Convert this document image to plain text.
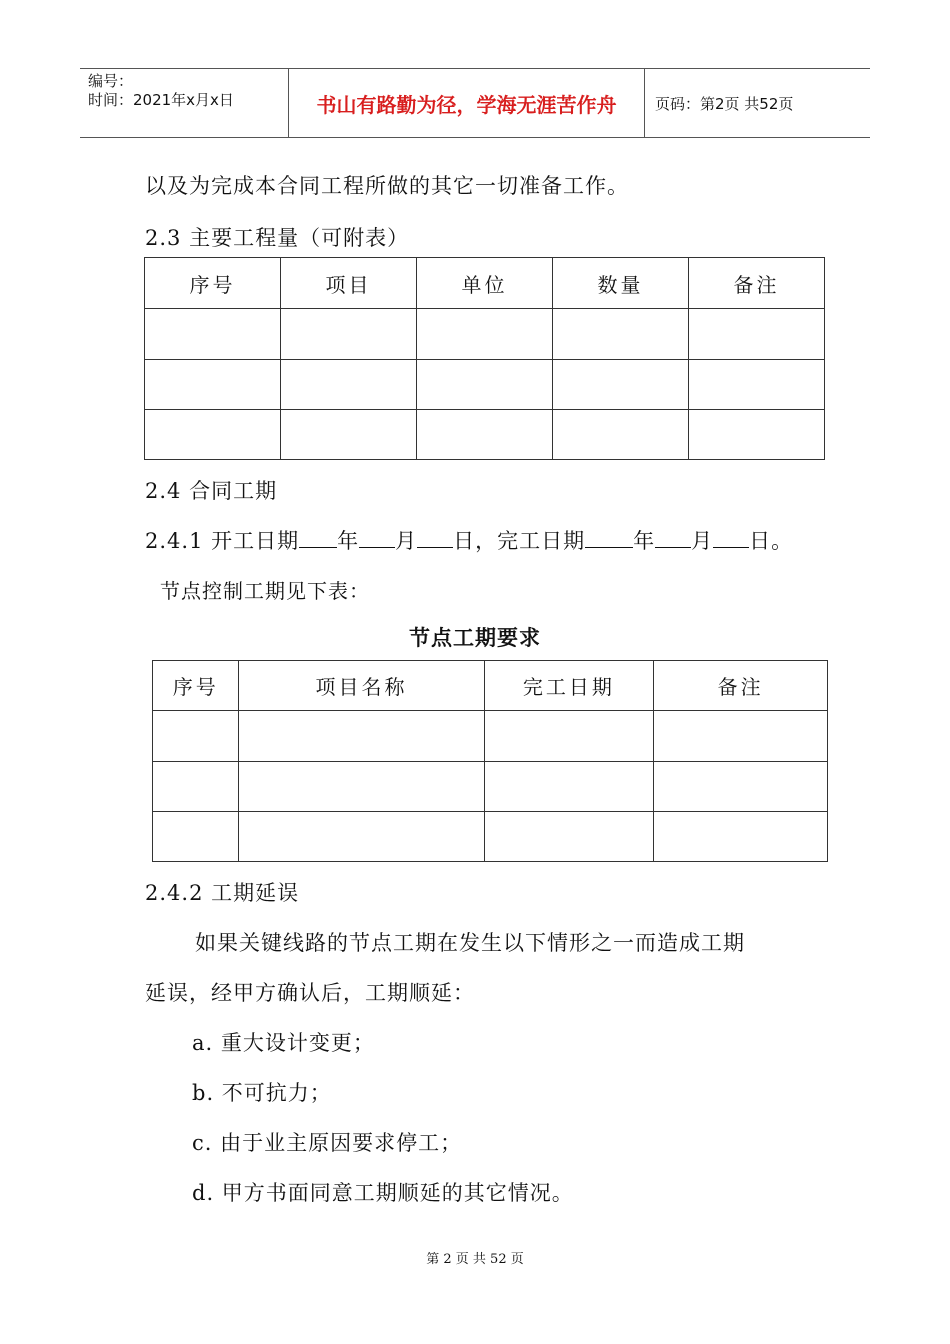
编号：
时间：2021年x月x日	书山有路勤为径，学海无涯苦作舟	页码：第2页 共52页
以及为完成本合同工程所做的其它一切准备工作。
2.3 主要工程量（可附表）
序号	项目	单位	数量	备注

2.4 合同工期
2.4.1 开工日期 年 月 日，完工日期 年 月 日。
节点控制工期见下表：
节点工期要求
序号	项目名称	完工日期	备注

2.4.2 工期延误
如果关键线路的节点工期在发生以下情形之一而造成工期
延误，经甲方确认后，工期顺延：
a. 重大设计变更；
b. 不可抗力；
c. 由于业主原因要求停工；
d. 甲方书面同意工期顺延的其它情况。
第 2 页 共 52 页
